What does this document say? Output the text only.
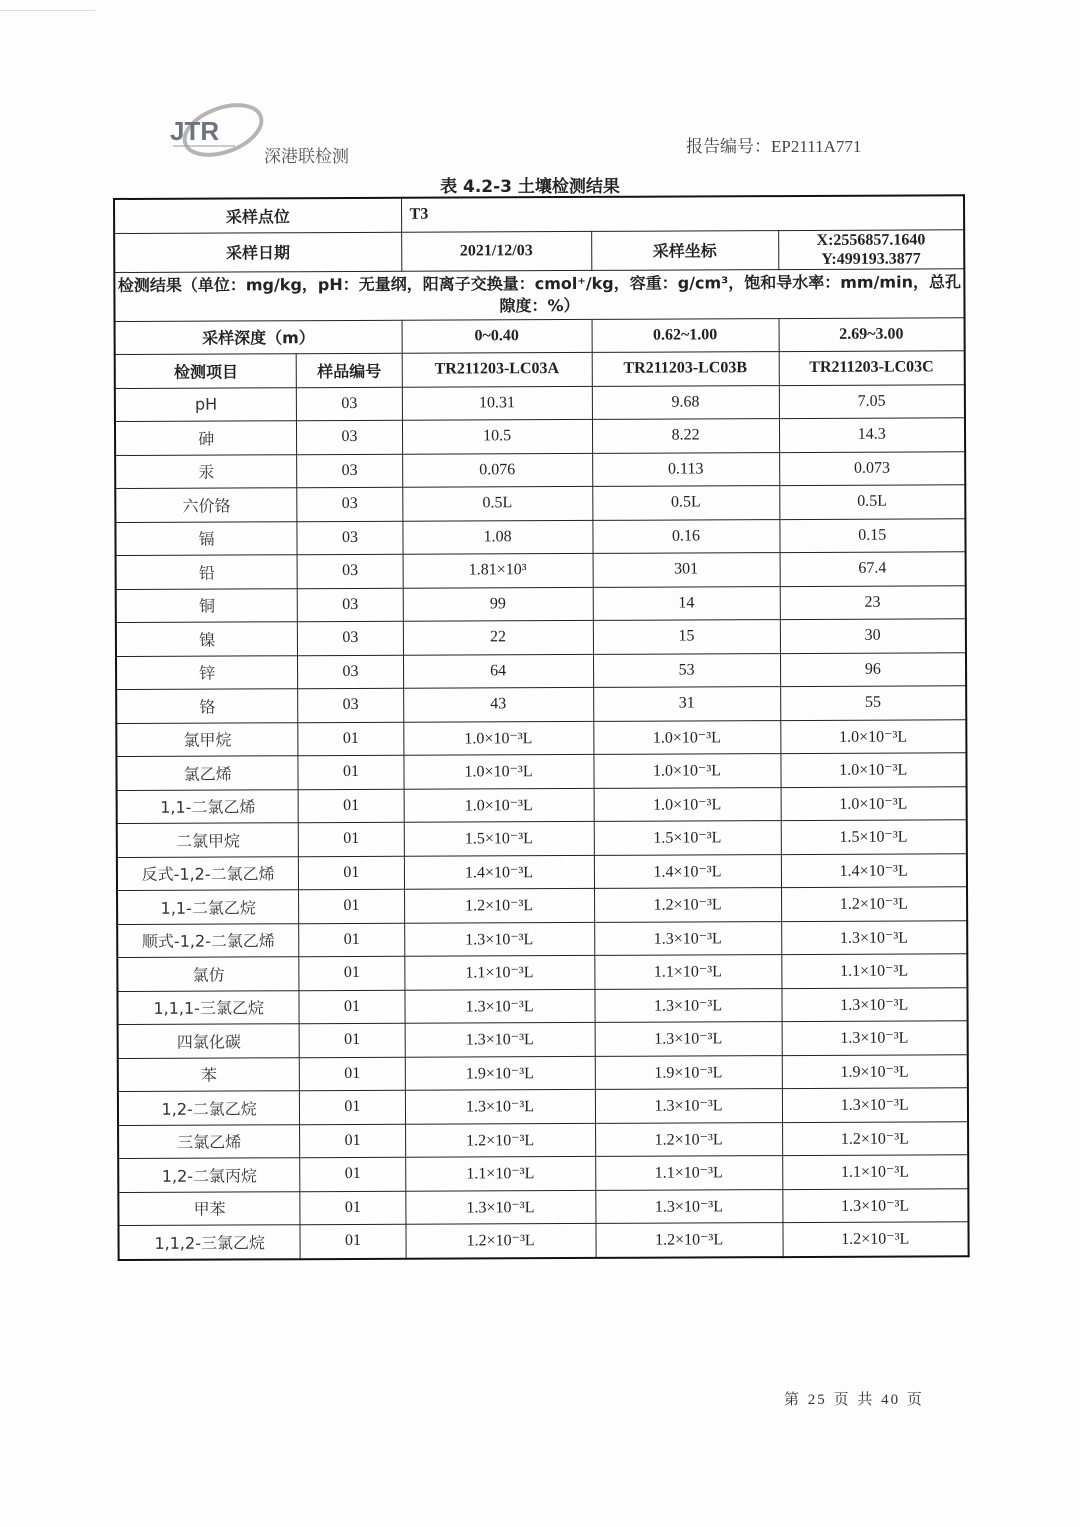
JTR
深港联检测	报告编号：EP2111A771
表 4.2-3 土壤检测结果
采样点位		T3		
采样日期		2021/12/03	采样坐标	X:2556857.1640
Y:499193.3877

检测结果（单位：mg/kg，pH：无量纲，阳离子交换量：cmol⁺/kg，容重：g/cm³，饱和导水率：mm/min，总孔隙度：%）				
采样深度（m）		0~0.40	0.62~1.00	2.69~3.00
检测项目	样品编号	TR211203-LC03A	TR211203-LC03B	TR211203-LC03C
pH	03	10.31	9.68	7.05
砷	03	10.5	8.22	14.3
汞	03	0.076	0.113	0.073
六价铬	03	0.5L	0.5L	0.5L
镉	03	1.08	0.16	0.15
铅	03	1.81×10³	301	67.4
铜	03	99	14	23
镍	03	22	15	30
锌	03	64	53	96
铬	03	43	31	55
氯甲烷	01	1.0×10⁻³L	1.0×10⁻³L	1.0×10⁻³L
氯乙烯	01	1.0×10⁻³L	1.0×10⁻³L	1.0×10⁻³L
1,1-二氯乙烯	01	1.0×10⁻³L	1.0×10⁻³L	1.0×10⁻³L
二氯甲烷	01	1.5×10⁻³L	1.5×10⁻³L	1.5×10⁻³L
反式-1,2-二氯乙烯	01	1.4×10⁻³L	1.4×10⁻³L	1.4×10⁻³L
1,1-二氯乙烷	01	1.2×10⁻³L	1.2×10⁻³L	1.2×10⁻³L
顺式-1,2-二氯乙烯	01	1.3×10⁻³L	1.3×10⁻³L	1.3×10⁻³L
氯仿	01	1.1×10⁻³L	1.1×10⁻³L	1.1×10⁻³L
1,1,1-三氯乙烷	01	1.3×10⁻³L	1.3×10⁻³L	1.3×10⁻³L
四氯化碳	01	1.3×10⁻³L	1.3×10⁻³L	1.3×10⁻³L
苯	01	1.9×10⁻³L	1.9×10⁻³L	1.9×10⁻³L
1,2-二氯乙烷	01	1.3×10⁻³L	1.3×10⁻³L	1.3×10⁻³L
三氯乙烯	01	1.2×10⁻³L	1.2×10⁻³L	1.2×10⁻³L
1,2-二氯丙烷	01	1.1×10⁻³L	1.1×10⁻³L	1.1×10⁻³L
甲苯	01	1.3×10⁻³L	1.3×10⁻³L	1.3×10⁻³L
1,1,2-三氯乙烷	01	1.2×10⁻³L	1.2×10⁻³L	1.2×10⁻³L
第 25 页 共 40 页
